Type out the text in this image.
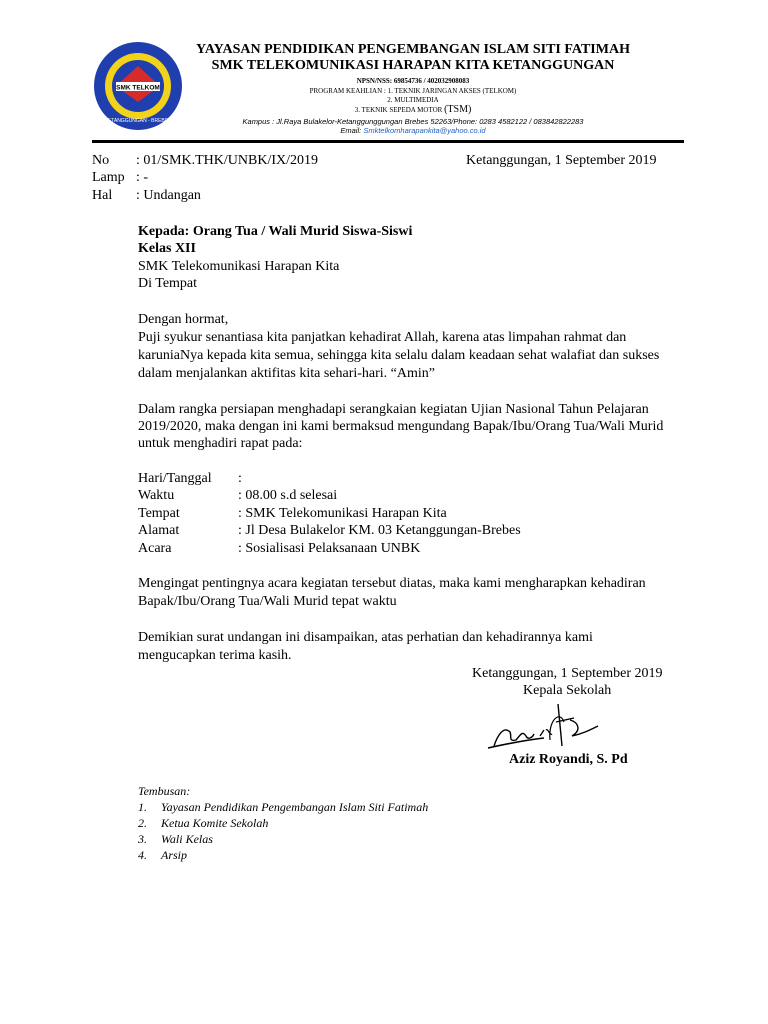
SMK TELKOM
KETANGGUNGAN - BREBES
YAYASAN PENDIDIKAN PENGEMBANGAN ISLAM SITI FATIMAH
SMK TELEKOMUNIKASI HARAPAN KITA KETANGGUNGAN
NPSN/NSS: 69854736 / 402032908083
PROGRAM KEAHLIAN : 1. TEKNIK JARINGAN AKSES (TELKOM)
2. MULTIMEDIA
3. TEKNIK SEPEDA MOTOR (TSM)
Kampus : Jl.Raya Bulakelor-Ketanggunggungan Brebes 52263/Phone: 0283 4582122 / 083842822283
Email: Smktelkomharapankita@yahoo.co.id
No : 01/SMK.THK/UNBK/IX/2019	Ketanggungan, 1 September 2019
Lamp : -
Hal : Undangan
Kepada: Orang Tua / Wali Murid Siswa-Siswi
Kelas XII
SMK Telekomunikasi Harapan Kita
Di Tempat
Dengan hormat,
Puji syukur senantiasa kita panjatkan kehadirat Allah, karena atas limpahan rahmat dan
karuniaNya kepada kita semua, sehingga kita selalu dalam keadaan sehat walafiat dan sukses
dalam menjalankan aktifitas kita sehari-hari. “Amin”
Dalam rangka persiapan menghadapi serangkaian kegiatan Ujian Nasional Tahun Pelajaran
2019/2020, maka dengan ini kami bermaksud mengundang Bapak/Ibu/Orang Tua/Wali Murid
untuk menghadiri rapat pada:
Hari/Tanggal :
Waktu	: 08.00 s.d selesai
Tempat	: SMK Telekomunikasi Harapan Kita
Alamat	: Jl Desa Bulakelor KM. 03 Ketanggungan-Brebes
Acara	: Sosialisasi Pelaksanaan UNBK
Mengingat pentingnya acara kegiatan tersebut diatas, maka kami mengharapkan kehadiran
Bapak/Ibu/Orang Tua/Wali Murid tepat waktu
Demikian surat undangan ini disampaikan, atas perhatian dan kehadirannya kami
mengucapkan terima kasih.
Ketanggungan, 1 September 2019
Kepala Sekolah
Aziz Royandi, S. Pd
Tembusan:
1. Yayasan Pendidikan Pengembangan Islam Siti Fatimah
2. Ketua Komite Sekolah
3. Wali Kelas
4. Arsip
